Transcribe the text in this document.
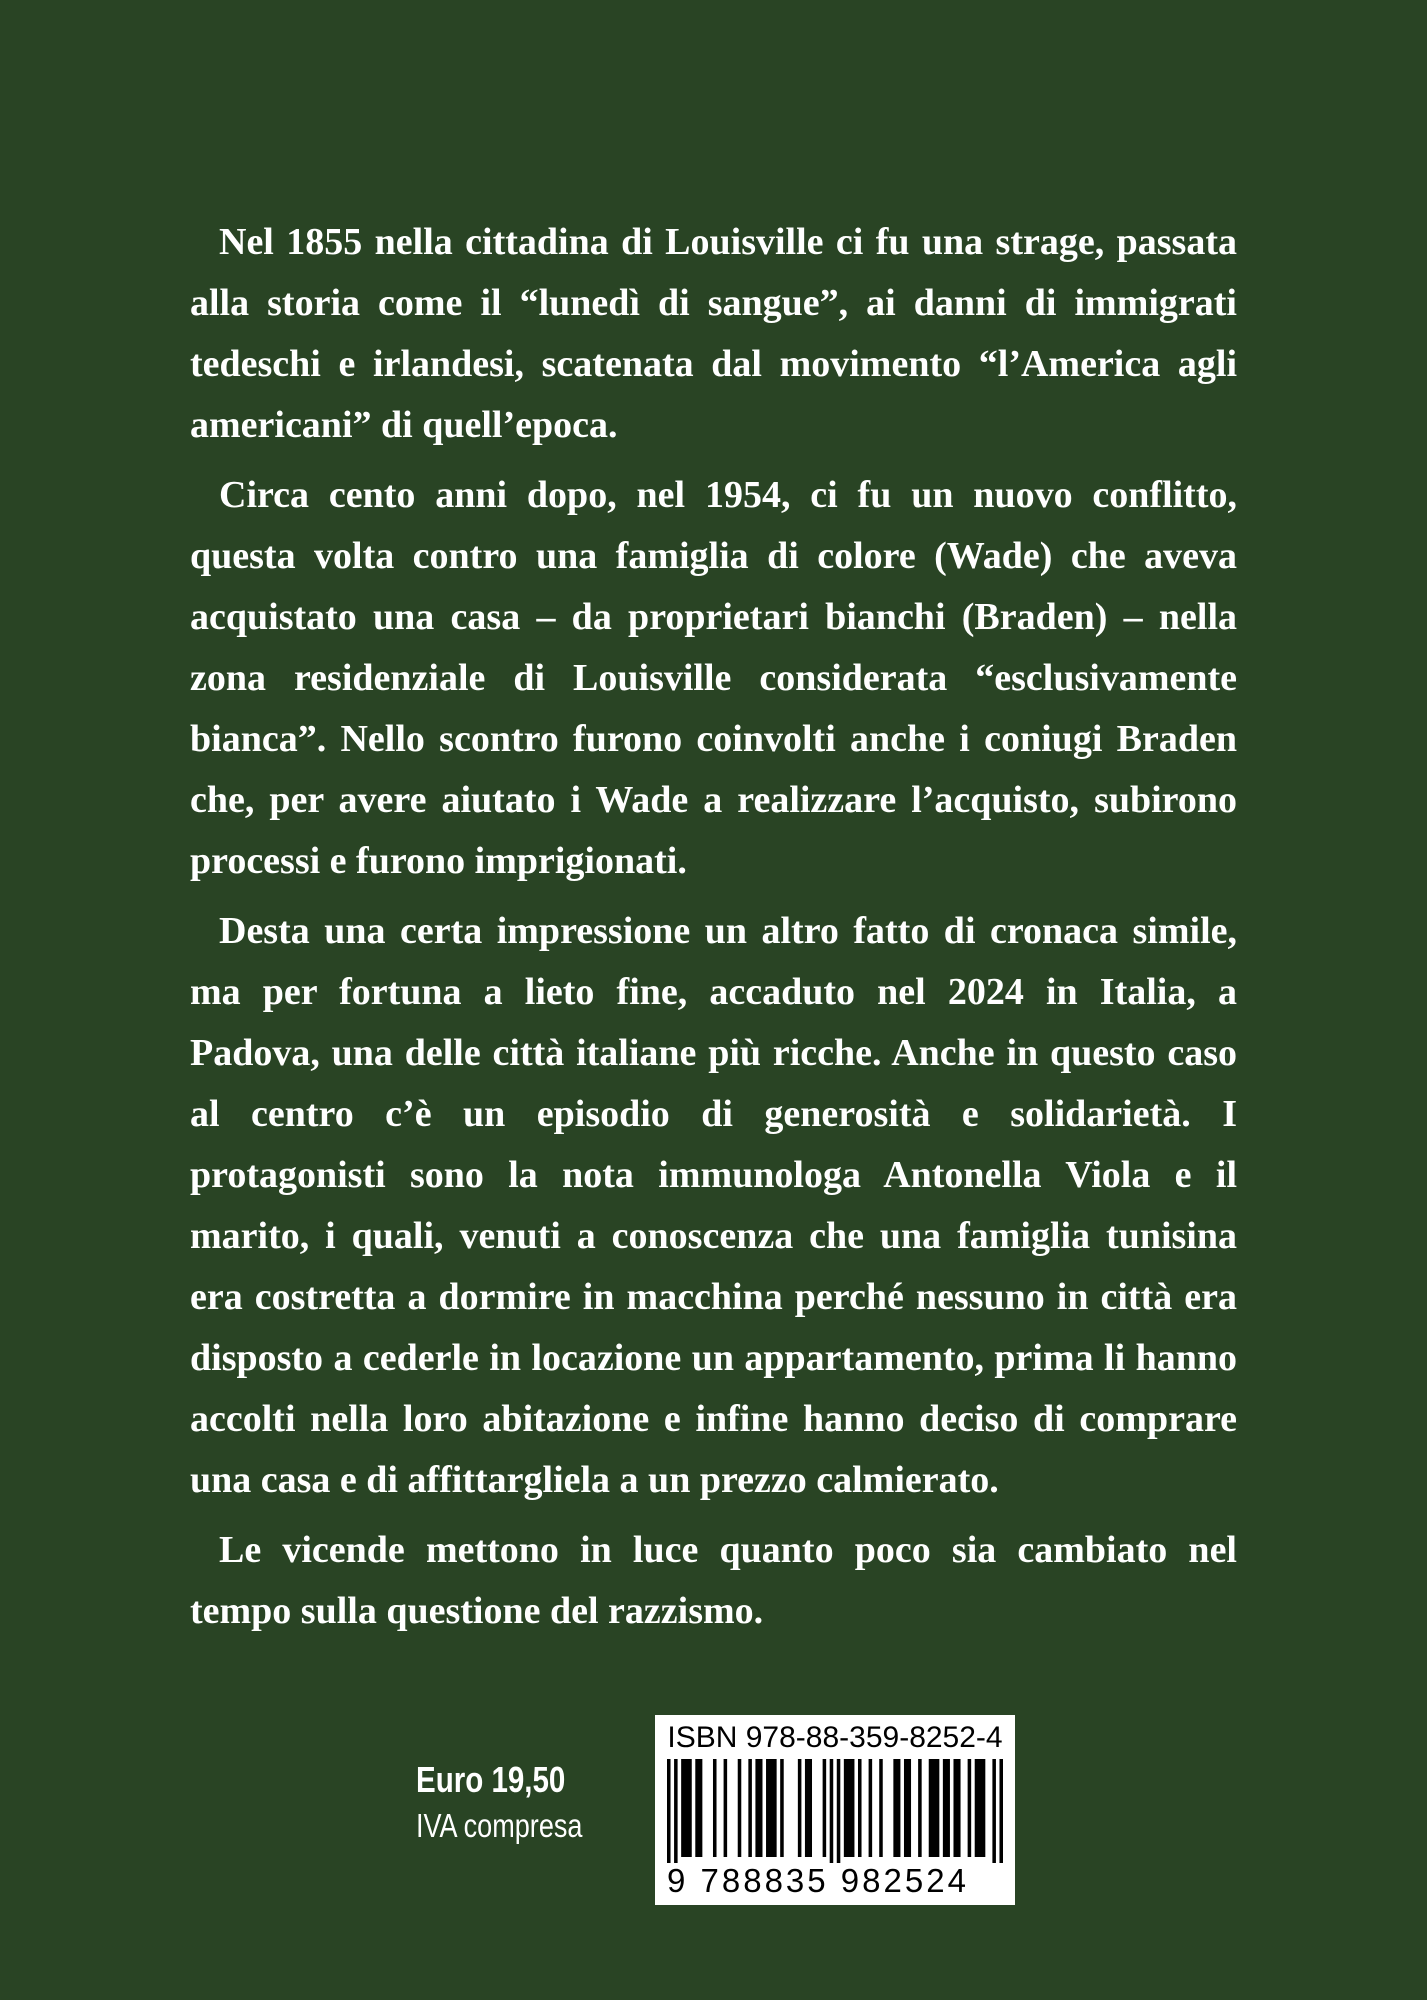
Nel 1855 nella cittadina di Louisville ci fu una strage, passata alla storia come il “lunedì di sangue”, ai danni di immigrati tedeschi e irlandesi, scatenata dal movimento “l’America agli americani” di quell’epoca.

Circa cento anni dopo, nel 1954, ci fu un nuovo conflitto, questa volta contro una famiglia di colore (Wade) che aveva acquistato una casa – da proprietari bianchi (Braden) – nella zona residenziale di Louisville considerata “esclusivamente bianca”. Nello scontro furono coinvolti anche i coniugi Braden che, per avere aiutato i Wade a realizzare l’acquisto, subirono processi e furono imprigionati.

Desta una certa impressione un altro fatto di cronaca simile, ma per fortuna a lieto fine, accaduto nel 2024 in Italia, a Padova, una delle città italiane più ricche. Anche in questo caso al centro c’è un episodio di generosità e solidarietà. I protagonisti sono la nota immunologa Antonella Viola e il marito, i quali, venuti a conoscenza che una famiglia tunisina era costretta a dormire in macchina perché nessuno in città era disposto a cederle in locazione un appartamento, prima li hanno accolti nella loro abitazione e infine hanno deciso di comprare una casa e di affittargliela a un prezzo calmierato.

Le vicende mettono in luce quanto poco sia cambiato nel tempo sulla questione del razzismo.

Euro 19,50
IVA compresa
ISBN 978-88-359-8252-4
9 788835 982524
